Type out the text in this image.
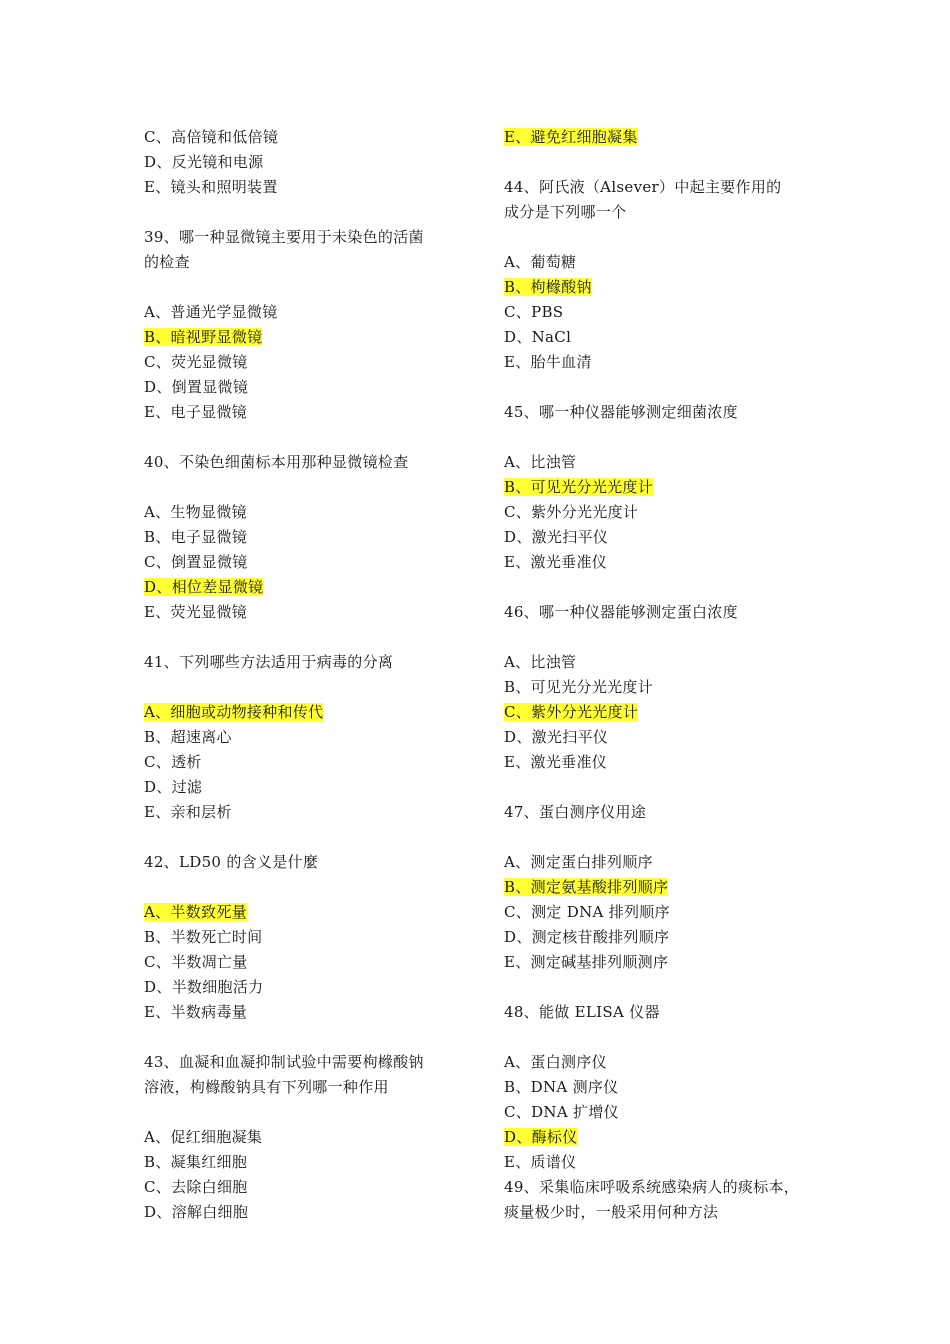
C、高倍镜和低倍镜
D、反光镜和电源
E、镜头和照明装置
39、哪一种显微镜主要用于未染色的活菌
的检查
A、普通光学显微镜
B、暗视野显微镜
C、荧光显微镜
D、倒置显微镜
E、电子显微镜
40、不染色细菌标本用那种显微镜检查
A、生物显微镜
B、电子显微镜
C、倒置显微镜
D、相位差显微镜
E、荧光显微镜
41、下列哪些方法适用于病毒的分离
A、细胞或动物接种和传代
B、超速离心
C、透析
D、过滤
E、亲和层析
42、LD50 的含义是什麼
A、半数致死量
B、半数死亡时间
C、半数凋亡量
D、半数细胞活力
E、半数病毒量
43、血凝和血凝抑制试验中需要枸橼酸钠
溶液，枸橼酸钠具有下列哪一种作用
A、促红细胞凝集
B、凝集红细胞
C、去除白细胞
D、溶解白细胞
E、避免红细胞凝集
44、阿氏液（Alsever）中起主要作用的
成分是下列哪一个
A、葡萄糖
B、枸橼酸钠
C、PBS
D、NaCl
E、胎牛血清
45、哪一种仪器能够测定细菌浓度
A、比浊管
B、可见光分光光度计
C、紫外分光光度计
D、激光扫平仪
E、激光垂准仪
46、哪一种仪器能够测定蛋白浓度
A、比浊管
B、可见光分光光度计
C、紫外分光光度计
D、激光扫平仪
E、激光垂准仪
47、蛋白测序仪用途
A、测定蛋白排列顺序
B、测定氨基酸排列顺序
C、测定 DNA 排列顺序
D、测定核苷酸排列顺序
E、测定碱基排列顺测序
48、能做 ELISA 仪器
A、蛋白测序仪
B、DNA 测序仪
C、DNA 扩增仪
D、酶标仪
E、质谱仪
49、采集临床呼吸系统感染病人的痰标本，
痰量极少时，一般采用何种方法
